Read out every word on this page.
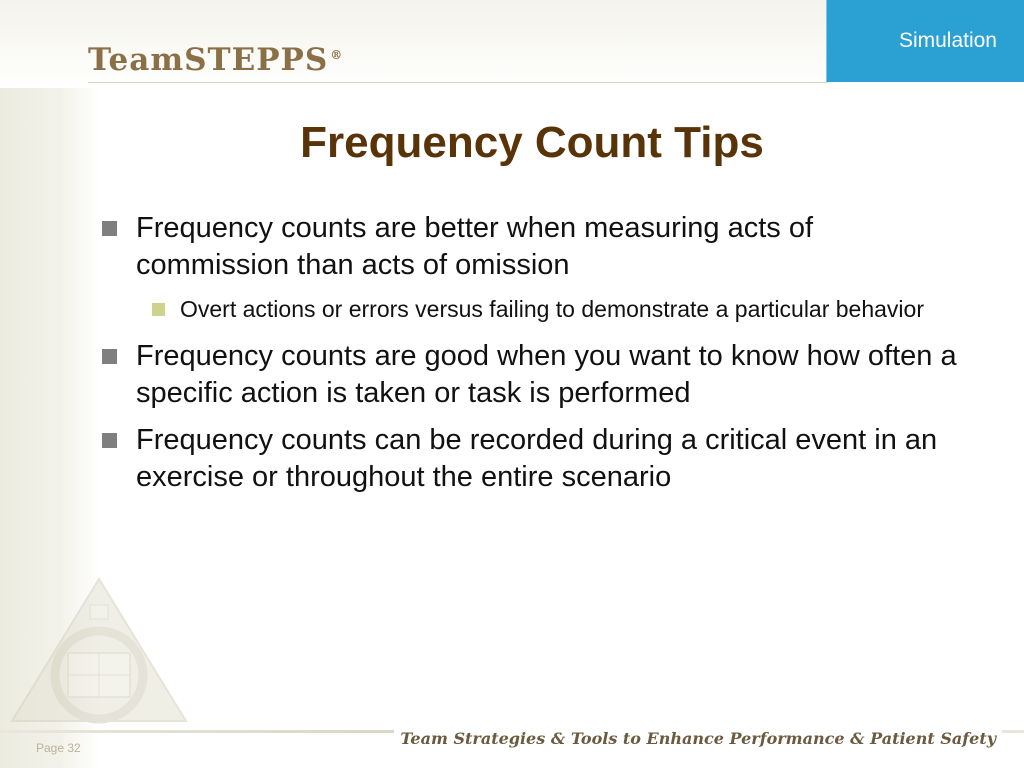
TeamSTEPPS ®
Simulation
Frequency Count Tips
Frequency counts are better when measuring acts of commission than acts of omission
Overt actions or errors versus failing to demonstrate a particular behavior
Frequency counts are good when you want to know how often a specific action is taken or task is performed
Frequency counts can be recorded during a critical event in an exercise or throughout the entire scenario
Page 32	Team Strategies & Tools to Enhance Performance & Patient Safety
